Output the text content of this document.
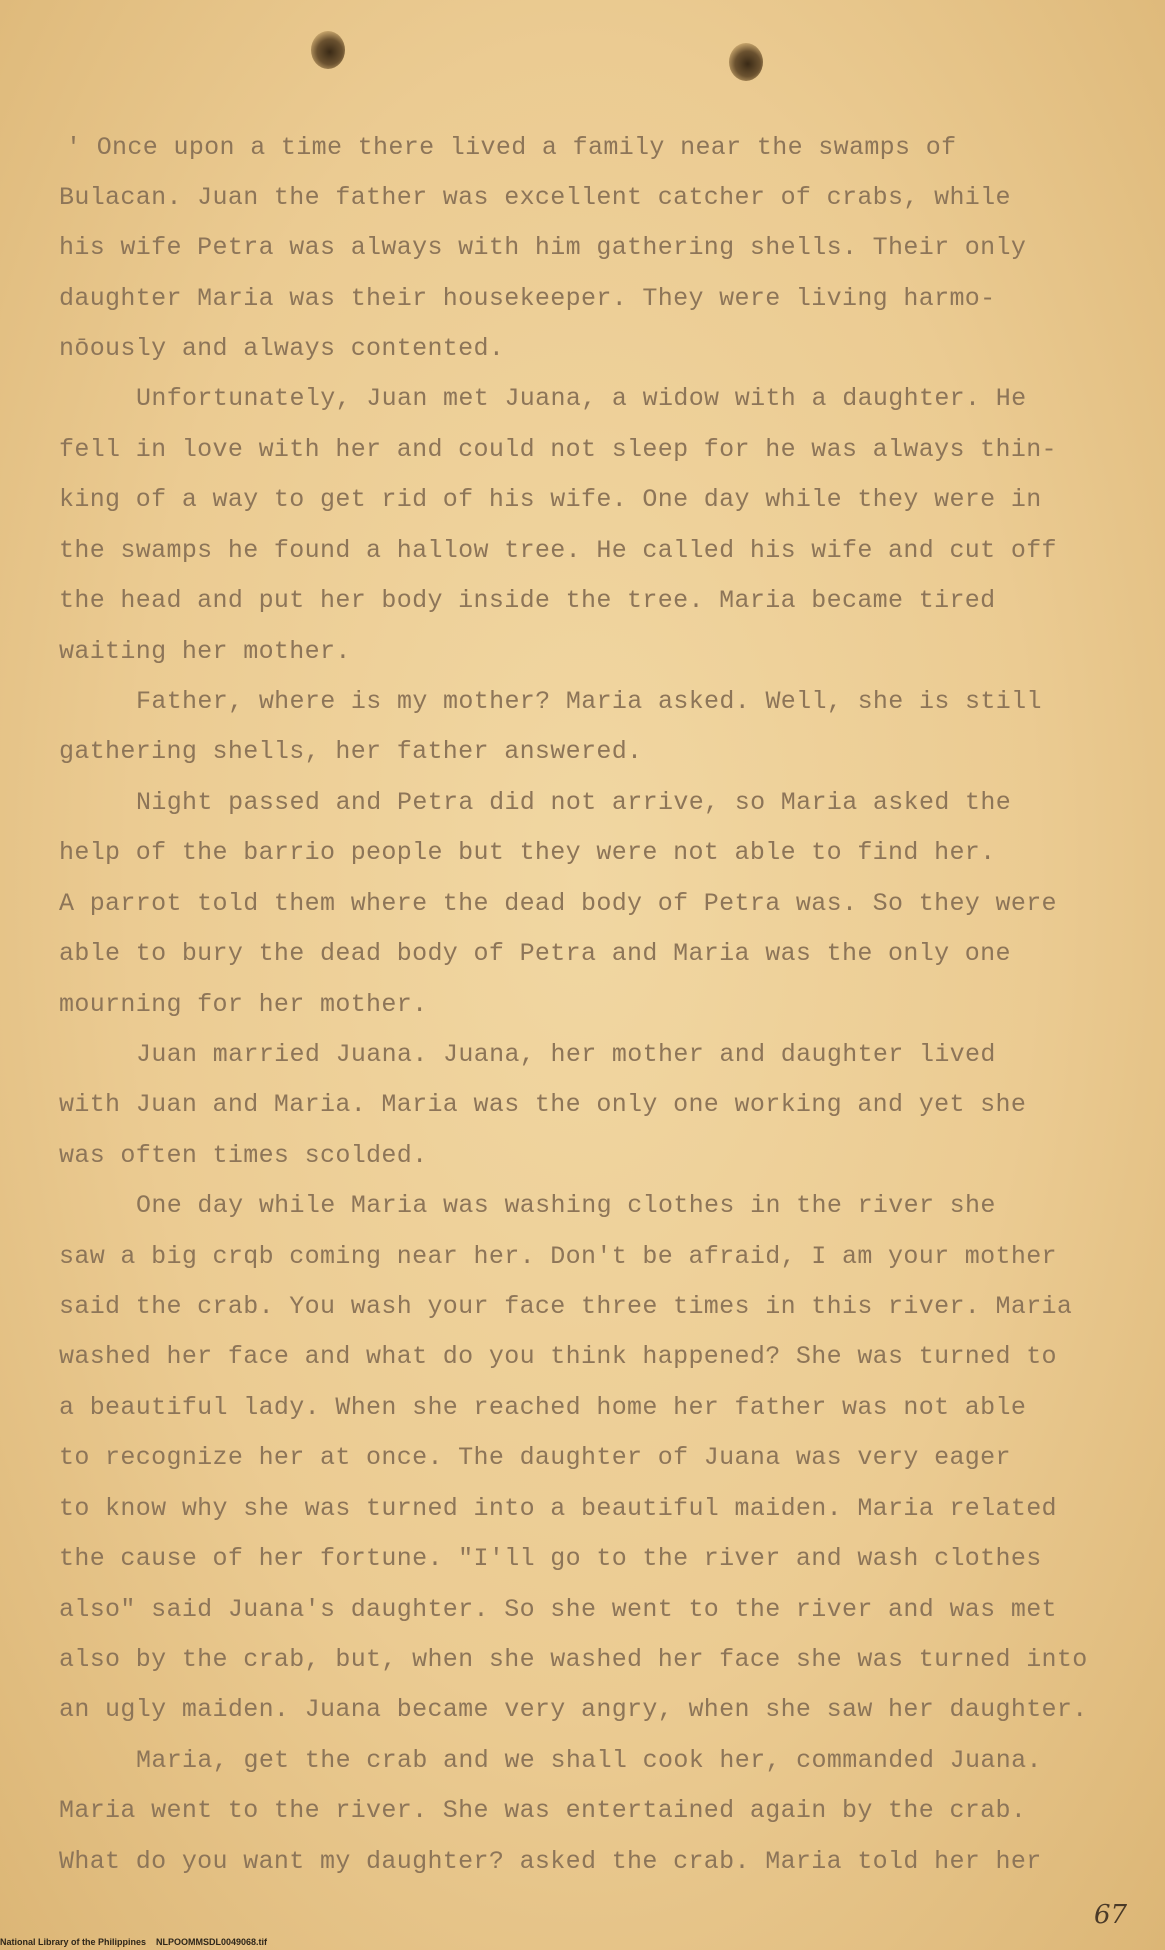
' Once upon a time there lived a family near the swamps of
Bulacan. Juan the father was excellent catcher of crabs, while
his wife Petra was always with him gathering shells. Their only
daughter Maria was their housekeeper. They were living harmo-
nōously and always contented.
Unfortunately, Juan met Juana, a widow with a daughter. He
fell in love with her and could not sleep for he was always thin-
king of a way to get rid of his wife. One day while they were in
the swamps he found a hallow tree. He called his wife and cut off
the head and put her body inside the tree. Maria became tired
waiting her mother.
Father, where is my mother? Maria asked. Well, she is still
gathering shells, her father answered.
Night passed and Petra did not arrive, so Maria asked the
help of the barrio people but they were not able to find her.
A parrot told them where the dead body of Petra was. So they were
able to bury the dead body of Petra and Maria was the only one
mourning for her mother.
Juan married Juana. Juana, her mother and daughter lived
with Juan and Maria. Maria was the only one working and yet she
was often times scolded.
One day while Maria was washing clothes in the river she
saw a big crqb coming near her. Don't be afraid, I am your mother
said the crab. You wash your face three times in this river. Maria
washed her face and what do you think happened? She was turned to
a beautiful lady. When she reached home her father was not able
to recognize her at once. The daughter of Juana was very eager
to know why she was turned into a beautiful maiden. Maria related
the cause of her fortune. "I'll go to the river and wash clothes
also" said Juana's daughter. So she went to the river and was met
also by the crab, but, when she washed her face she was turned into
an ugly maiden. Juana became very angry, when she saw her daughter.
Maria, get the crab and we shall cook her, commanded Juana.
Maria went to the river. She was entertained again by the crab.
What do you want my daughter? asked the crab. Maria told her her
67
National Library of the Philippines    NLPOOMMSDL0049068.tif
